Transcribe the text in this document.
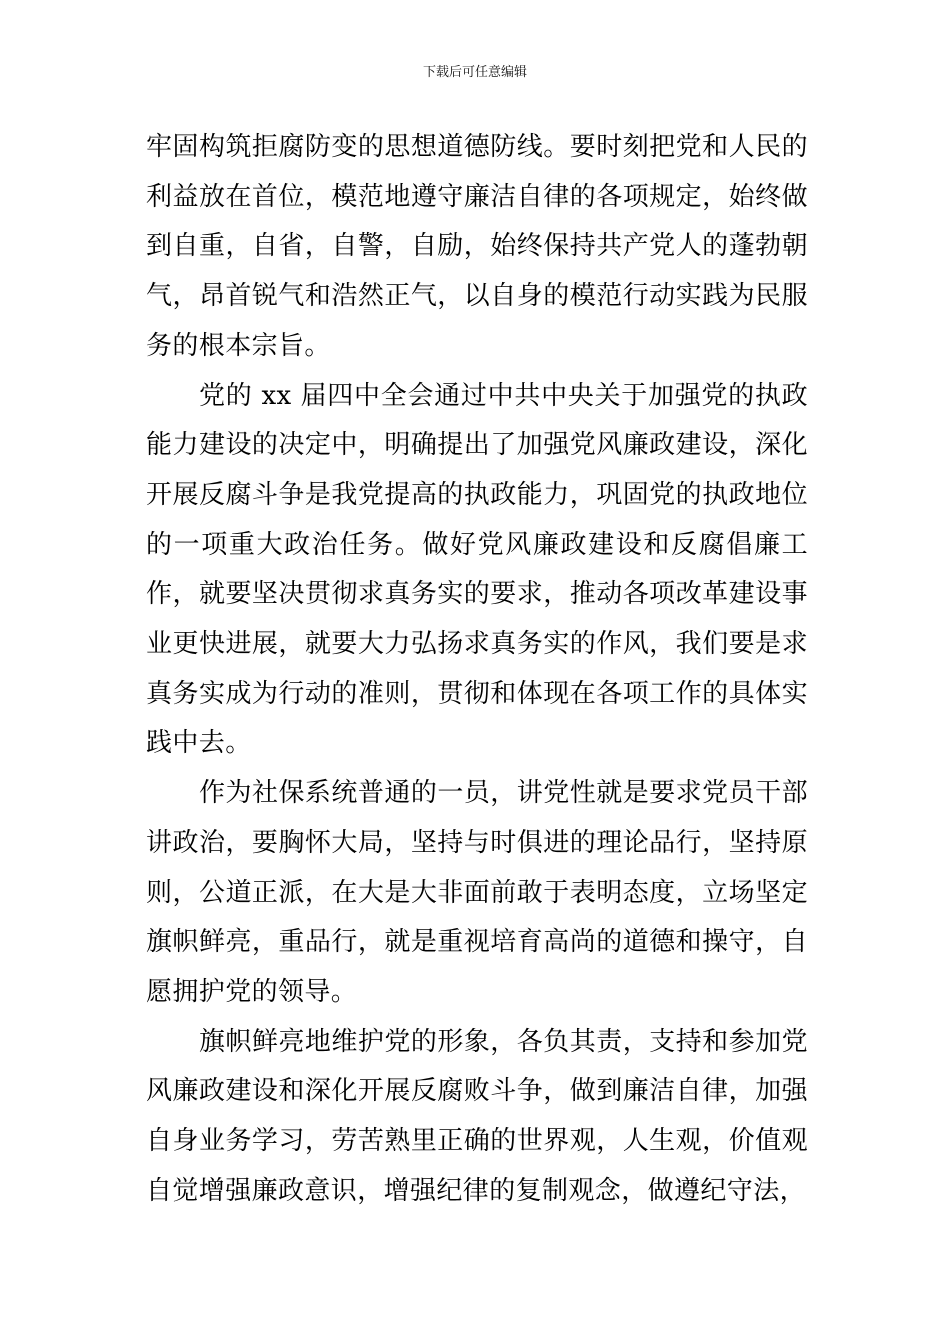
下载后可任意编辑

牢固构筑拒腐防变的思想道德防线。要时刻把党和人民的利益放在首位，模范地遵守廉洁自律的各项规定，始终做到自重，自省，自警，自励，始终保持共产党人的蓬勃朝气，昂首锐气和浩然正气，以自身的模范行动实践为民服务的根本宗旨。

党的 xx 届四中全会通过中共中央关于加强党的执政能力建设的决定中，明确提出了加强党风廉政建设，深化开展反腐斗争是我党提高的执政能力，巩固党的执政地位的一项重大政治任务。做好党风廉政建设和反腐倡廉工作，就要坚决贯彻求真务实的要求，推动各项改革建设事业更快进展，就要大力弘扬求真务实的作风，我们要是求真务实成为行动的准则，贯彻和体现在各项工作的具体实践中去。

作为社保系统普通的一员，讲党性就是要求党员干部讲政治，要胸怀大局，坚持与时俱进的理论品行，坚持原则，公道正派，在大是大非面前敢于表明态度，立场坚定旗帜鲜亮，重品行，就是重视培育高尚的道德和操守，自愿拥护党的领导。

旗帜鲜亮地维护党的形象，各负其责，支持和参加党风廉政建设和深化开展反腐败斗争，做到廉洁自律，加强自身业务学习，劳苦熟里正确的世界观，人生观，价值观自觉增强廉政意识，增强纪律的复制观念，做遵纪守法，
